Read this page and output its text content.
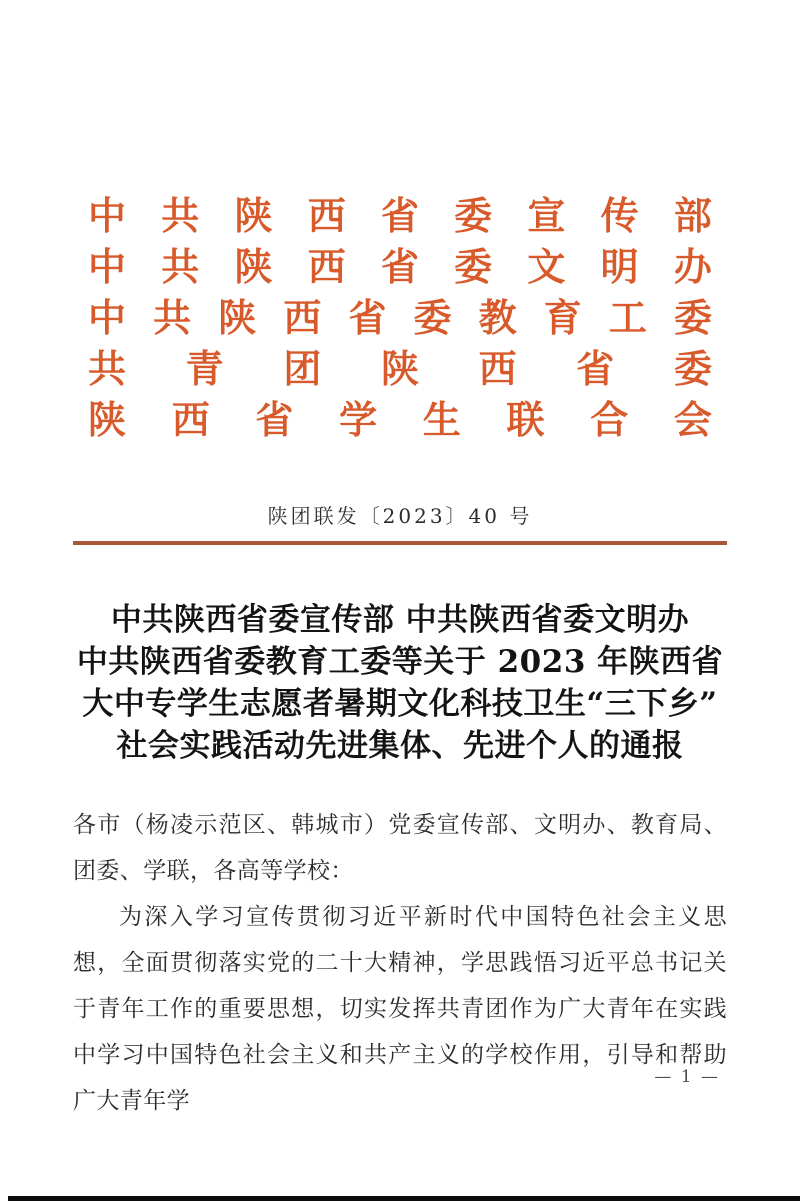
中 共 陕 西 省 委 宣 传 部
中 共 陕 西 省 委 文 明 办
中 共 陕 西 省 委 教 育 工 委
共 青 团 陕 西 省 委
陕 西 省 学 生 联 合 会
陕团联发〔2023〕40 号
中共陕西省委宣传部 中共陕西省委文明办
中共陕西省委教育工委等关于 2023 年陕西省
大中专学生志愿者暑期文化科技卫生“三下乡”
社会实践活动先进集体、先进个人的通报

各市（杨凌示范区、韩城市）党委宣传部、文明办、教育局、团委、学联，各高等学校：

为深入学习宣传贯彻习近平新时代中国特色社会主义思想，全面贯彻落实党的二十大精神，学思践悟习近平总书记关于青年工作的重要思想，切实发挥共青团作为广大青年在实践中学习中国特色社会主义和共产主义的学校作用，引导和帮助广大青年学

— 1 —
